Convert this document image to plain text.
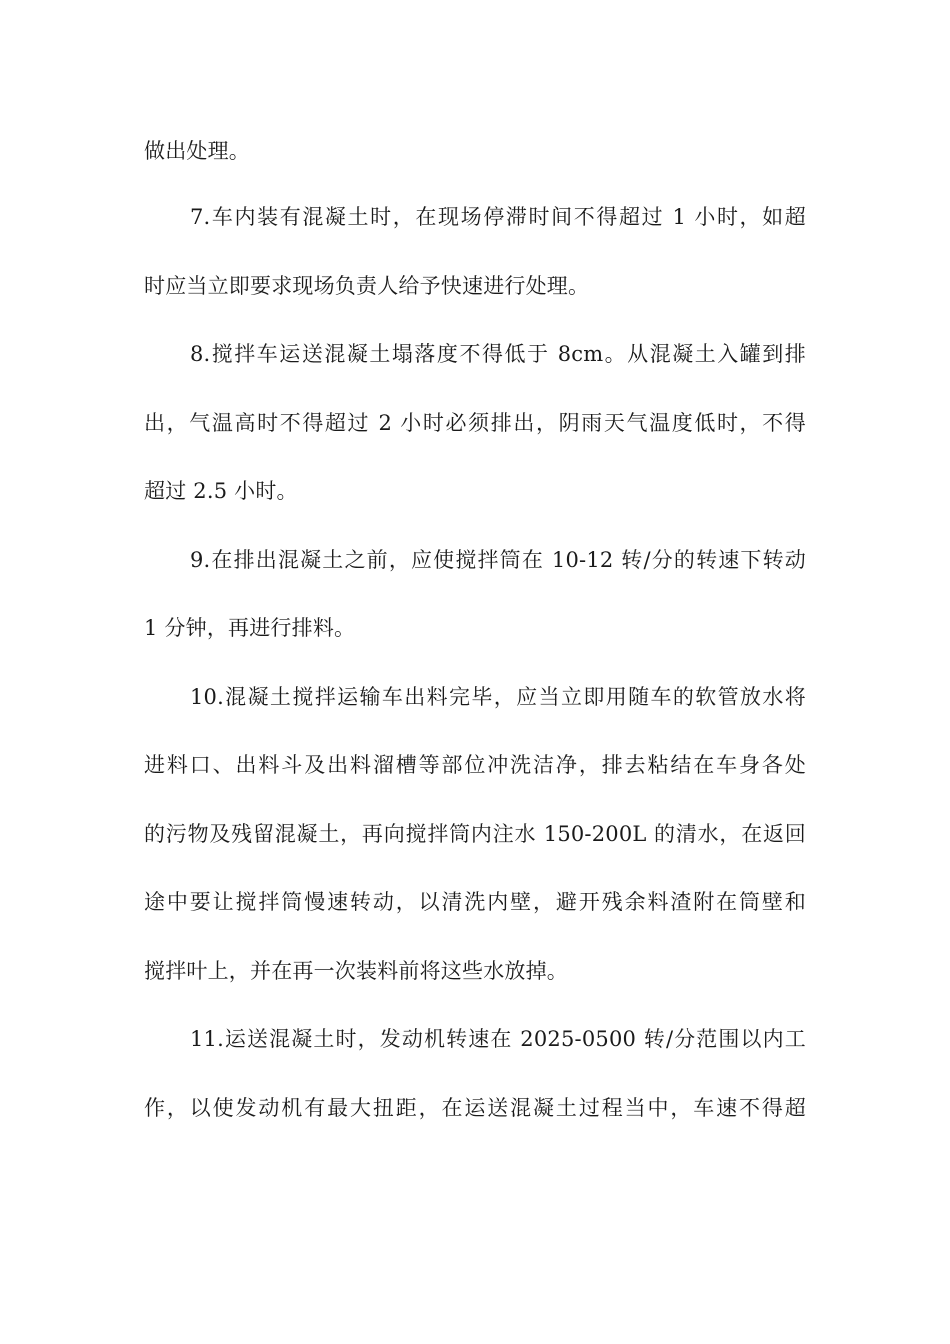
做出处理。
7.车内装有混凝土时，在现场停滞时间不得超过 1 小时，如超
时应当立即要求现场负责人给予快速进行处理。
8.搅拌车运送混凝土塌落度不得低于 8cm。从混凝土入罐到排
出，气温高时不得超过 2 小时必须排出，阴雨天气温度低时，不得
超过 2.5 小时。
9.在排出混凝土之前，应使搅拌筒在 10-12 转/分的转速下转动
1 分钟，再进行排料。
10.混凝土搅拌运输车出料完毕，应当立即用随车的软管放水将
进料口、出料斗及出料溜槽等部位冲洗洁净，排去粘结在车身各处
的污物及残留混凝土，再向搅拌筒内注水 150-200L 的清水，在返回
途中要让搅拌筒慢速转动，以清洗内壁，避开残余料渣附在筒壁和
搅拌叶上，并在再一次装料前将这些水放掉。
11.运送混凝土时，发动机转速在 2025-0500 转/分范围以内工
作，以使发动机有最大扭距，在运送混凝土过程当中，车速不得超
